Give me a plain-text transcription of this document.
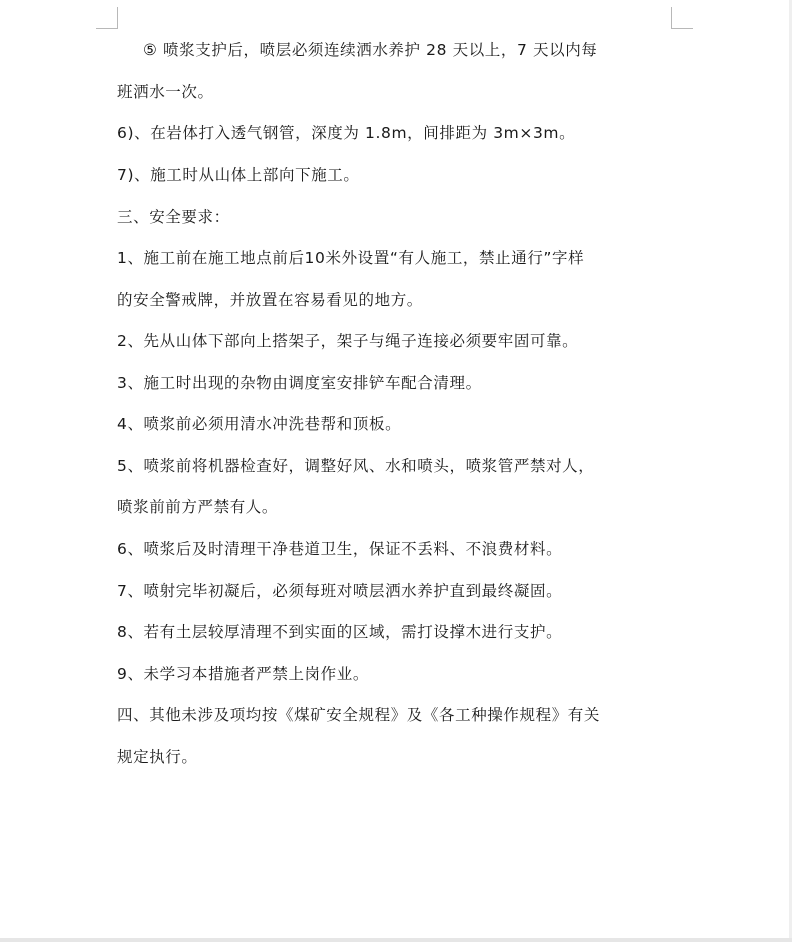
⑤ 喷浆支护后，喷层必须连续洒水养护 28 天以上，7 天以内每
班洒水一次。
6)、在岩体打入透气钢管，深度为 1.8m，间排距为 3m×3m。
7)、施工时从山体上部向下施工。
三、安全要求：
1、施工前在施工地点前后10米外设置“有人施工，禁止通行”字样
的安全警戒牌，并放置在容易看见的地方。
2、先从山体下部向上搭架子，架子与绳子连接必须要牢固可靠。
3、施工时出现的杂物由调度室安排铲车配合清理。
4、喷浆前必须用清水冲洗巷帮和顶板。
5、喷浆前将机器检查好，调整好风、水和喷头，喷浆管严禁对人，
喷浆前前方严禁有人。
6、喷浆后及时清理干净巷道卫生，保证不丢料、不浪费材料。
7、喷射完毕初凝后，必须每班对喷层洒水养护直到最终凝固。
8、若有土层较厚清理不到实面的区域，需打设撑木进行支护。
9、未学习本措施者严禁上岗作业。
四、其他未涉及项均按《煤矿安全规程》及《各工种操作规程》有关
规定执行。
